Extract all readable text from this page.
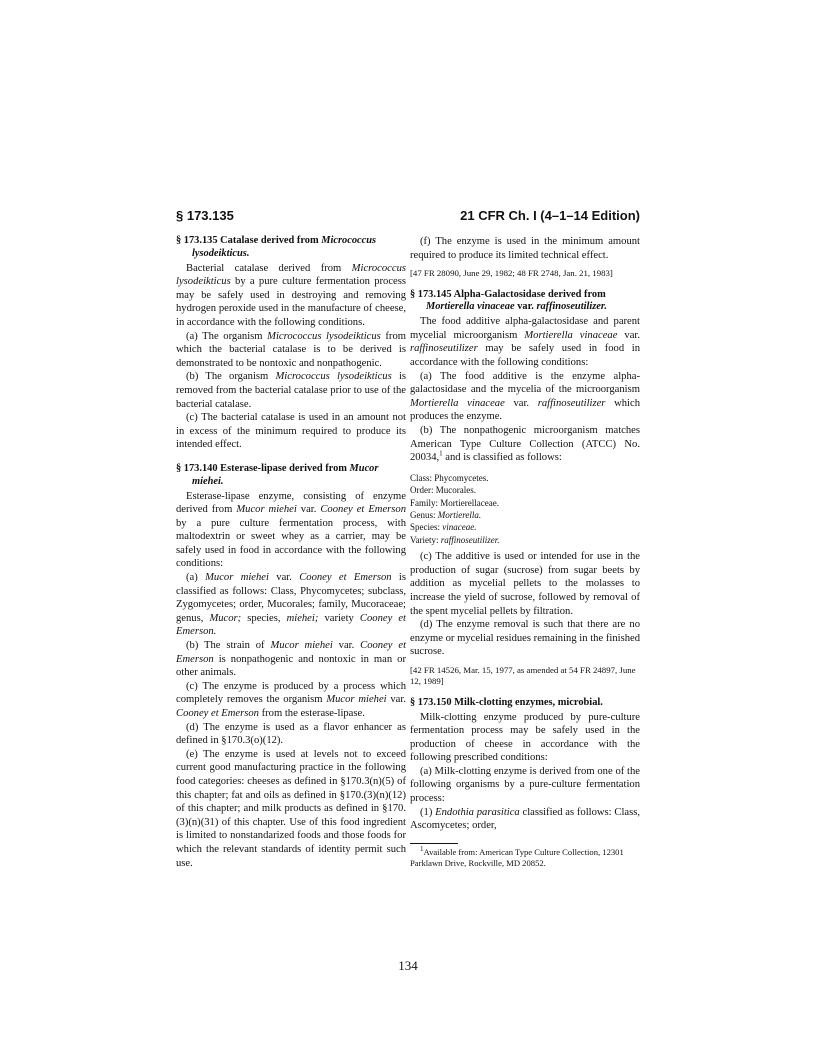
§ 173.135	21 CFR Ch. I (4–1–14 Edition)
§ 173.135 Catalase derived from Micrococcus lysodeikticus.

Bacterial catalase derived from Micrococcus lysodeikticus by a pure culture fermentation process may be safely used in destroying and removing hydrogen peroxide used in the manufacture of cheese, in accordance with the following conditions.

(a) The organism Micrococcus lysodeikticus from which the bacterial catalase is to be derived is demonstrated to be nontoxic and nonpathogenic.

(b) The organism Micrococcus lysodeikticus is removed from the bacterial catalase prior to use of the bacterial catalase.

(c) The bacterial catalase is used in an amount not in excess of the minimum required to produce its intended effect.

§ 173.140 Esterase-lipase derived from Mucor miehei.

Esterase-lipase enzyme, consisting of enzyme derived from Mucor miehei var. Cooney et Emerson by a pure culture fermentation process, with maltodextrin or sweet whey as a carrier, may be safely used in food in accordance with the following conditions:

(a) Mucor miehei var. Cooney et Emerson is classified as follows: Class, Phycomycetes; subclass, Zygomycetes; order, Mucorales; family, Mucoraceae; genus, Mucor; species, miehei; variety Cooney et Emerson.

(b) The strain of Mucor miehei var. Cooney et Emerson is nonpathogenic and nontoxic in man or other animals.

(c) The enzyme is produced by a process which completely removes the organism Mucor miehei var. Cooney et Emerson from the esterase-lipase.

(d) The enzyme is used as a flavor enhancer as defined in §170.3(o)(12).

(e) The enzyme is used at levels not to exceed current good manufacturing practice in the following food categories: cheeses as defined in §170.3(n)(5) of this chapter; fat and oils as defined in §170.(3)(n)(12) of this chapter; and milk products as defined in §170.(3)(n)(31) of this chapter. Use of this food ingredient is limited to nonstandarized foods and those foods for which the relevant standards of identity permit such use.

(f) The enzyme is used in the minimum amount required to produce its limited technical effect.

[47 FR 28090, June 29, 1982; 48 FR 2748, Jan. 21, 1983]
§ 173.145 Alpha-Galactosidase derived from Mortierella vinaceae var. raffinoseutilizer.

The food additive alpha-galactosidase and parent mycelial microorganism Mortierella vinaceae var. raffinoseutilizer may be safely used in food in accordance with the following conditions:

(a) The food additive is the enzyme alpha-galactosidase and the mycelia of the microorganism Mortierella vinaceae var. raffinoseutilizer which produces the enzyme.

(b) The nonpathogenic microorganism matches American Type Culture Collection (ATCC) No. 20034,$^1$ and is classified as follows:

Class: Phycomycetes.
Order: Mucorales.
Family: Mortierellaceae.
Genus: Mortierella.
Species: vinaceae.
Variety: raffinoseutilizer.

(c) The additive is used or intended for use in the production of sugar (sucrose) from sugar beets by addition as mycelial pellets to the molasses to increase the yield of sucrose, followed by removal of the spent mycelial pellets by filtration.

(d) The enzyme removal is such that there are no enzyme or mycelial residues remaining in the finished sucrose.

[42 FR 14526, Mar. 15, 1977, as amended at 54 FR 24897, June 12, 1989]
§ 173.150 Milk-clotting enzymes, microbial.

Milk-clotting enzyme produced by pure-culture fermentation process may be safely used in the production of cheese in accordance with the following prescribed conditions:

(a) Milk-clotting enzyme is derived from one of the following organisms by a pure-culture fermentation process:

(1) Endothia parasitica classified as follows: Class, Ascomycetes; order,

$^1$Available from: American Type Culture Collection, 12301 Parklawn Drive, Rockville, MD 20852.
134
